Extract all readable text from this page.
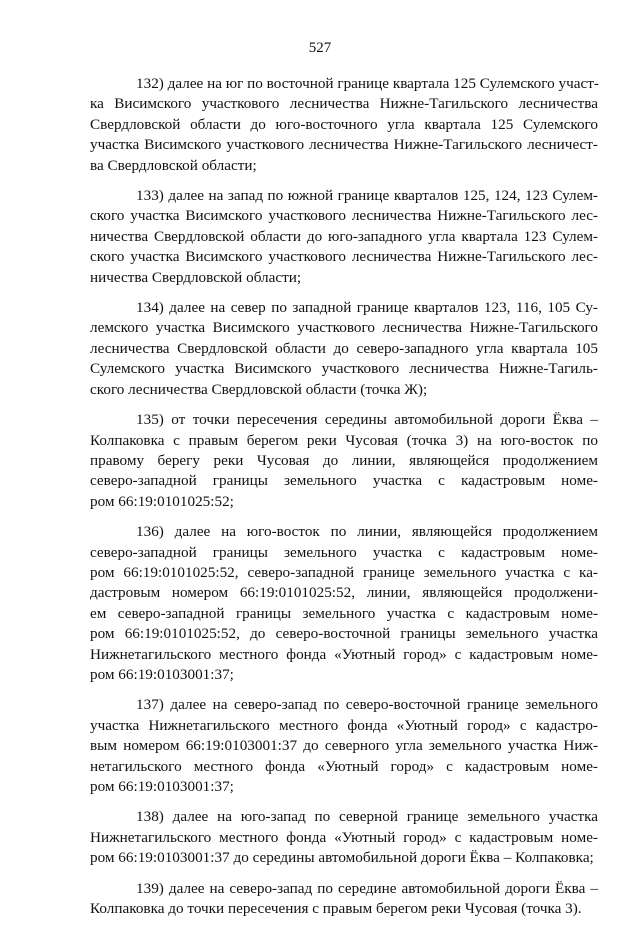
527
132) далее на юг по восточной границе квартала 125 Сулемского участ-
ка Висимского участкового лесничества Нижне-Тагильского лесничества
Свердловской области до юго-восточного угла квартала 125 Сулемского
участка Висимского участкового лесничества Нижне-Тагильского лесничест-
ва Свердловской области;
133) далее на запад по южной границе кварталов 125, 124, 123 Сулем-
ского участка Висимского участкового лесничества Нижне-Тагильского лес-
ничества Свердловской области до юго-западного угла квартала 123 Сулем-
ского участка Висимского участкового лесничества Нижне-Тагильского лес-
ничества Свердловской области;
134) далее на север по западной границе кварталов 123, 116, 105 Су-
лемского участка Висимского участкового лесничества Нижне-Тагильского
лесничества Свердловской области до северо-западного угла квартала 105
Сулемского участка Висимского участкового лесничества Нижне-Тагиль-
ского лесничества Свердловской области (точка Ж);
135) от точки пересечения середины автомобильной дороги Ёква –
Колпаковка с правым берегом реки Чусовая (точка 3) на юго-восток по
правому берегу реки Чусовая до линии, являющейся продолжением
северо-западной границы земельного участка с кадастровым номе-
ром 66:19:0101025:52;
136) далее на юго-восток по линии, являющейся продолжением
северо-западной границы земельного участка с кадастровым номе-
ром 66:19:0101025:52, северо-западной границе земельного участка с ка-
дастровым номером 66:19:0101025:52, линии, являющейся продолжени-
ем северо-западной границы земельного участка с кадастровым номе-
ром 66:19:0101025:52, до северо-восточной границы земельного участка
Нижнетагильского местного фонда «Уютный город» с кадастровым номе-
ром 66:19:0103001:37;
137) далее на северо-запад по северо-восточной границе земельного
участка Нижнетагильского местного фонда «Уютный город» с кадастро-
вым номером 66:19:0103001:37 до северного угла земельного участка Ниж-
нетагильского местного фонда «Уютный город» с кадастровым номе-
ром 66:19:0103001:37;
138) далее на юго-запад по северной границе земельного участка
Нижнетагильского местного фонда «Уютный город» с кадастровым номе-
ром 66:19:0103001:37 до середины автомобильной дороги Ёква – Колпаковка;
139) далее на северо-запад по середине автомобильной дороги Ёква –
Колпаковка до точки пересечения с правым берегом реки Чусовая (точка 3).
